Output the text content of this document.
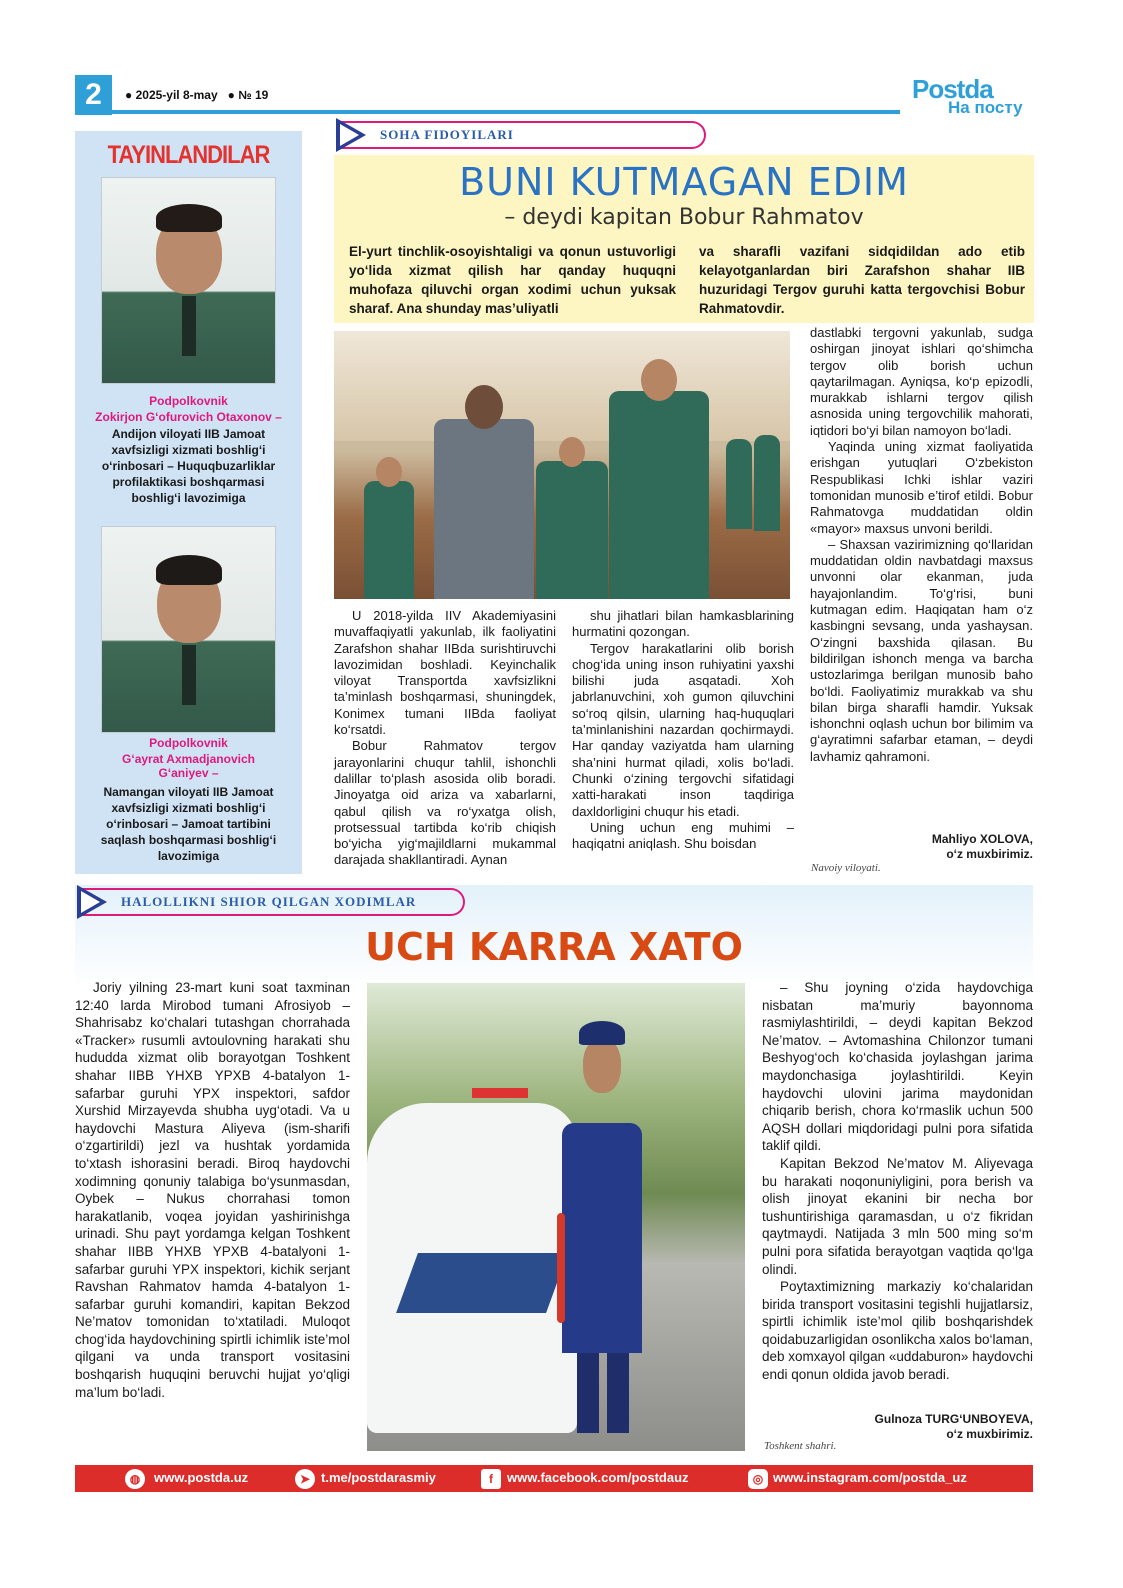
2	● 2025-yil 8-may ● № 19	Postda
На посту
TAYINLANDILAR
Podpolkovnik
Zokirjon G‘ofurovich Otaxonov –
Andijon viloyati IIB Jamoat xavfsizligi xizmati boshlig‘i o‘rinbosari – Huquqbuzarliklar profilaktikasi boshqarmasi boshlig‘i lavozimiga
Podpolkovnik
G‘ayrat Axmadjanovich G‘aniyev –
Namangan viloyati IIB Jamoat xavfsizligi xizmati boshlig‘i o‘rinbosari – Jamoat tartibini saqlash boshqarmasi boshlig‘i lavozimiga
SOHA FIDOYILARI
BUNI KUTMAGAN EDIM
– deydi kapitan Bobur Rahmatov
El-yurt tinchlik-osoyishtaligi va qonun ustuvorligi yo‘lida xizmat qilish har qanday huquqni muhofaza qiluvchi organ xodimi uchun yuksak sharaf. Ana shunday mas’uliyatli
va sharafli vazifani sidqidildan ado etib kelayotganlardan biri Zarafshon shahar IIB huzuridagi Tergov guruhi katta tergovchisi Bobur Rahmatovdir.

U 2018-yilda IIV Akademiyasini muvaffaqiyatli yakunlab, ilk faoliyatini Zarafshon shahar IIBda surishtiruvchi lavozimidan boshladi. Keyinchalik viloyat Transportda xavfsizlikni ta’minlash boshqarmasi, shuningdek, Konimex tumani IIBda faoliyat ko‘rsatdi.

Bobur Rahmatov tergov jarayonlarini chuqur tahlil, ishonchli dalillar to‘plash asosida olib boradi. Jinoyatga oid ariza va xabarlarni, qabul qilish va ro‘yxatga olish, protsessual tartibda ko‘rib chiqish bo‘yicha yig‘majildlarni mukammal darajada shakllantiradi. Aynan

shu jihatlari bilan hamkasblarining hurmatini qozongan.

Tergov harakatlarini olib borish chog‘ida uning inson ruhiyatini yaxshi bilishi juda asqatadi. Xoh jabrlanuvchini, xoh gumon qiluvchini so‘roq qilsin, ularning haq-huquqlari ta’minlanishini nazardan qochirmaydi. Har qanday vaziyatda ham ularning sha’nini hurmat qiladi, xolis bo‘ladi. Chunki o‘zining tergovchi sifatidagi xatti-harakati inson taqdiriga daxldorligini chuqur his etadi.

Uning uchun eng muhimi – haqiqatni aniqlash. Shu boisdan

dastlabki tergovni yakunlab, sudga oshirgan jinoyat ishlari qo‘shimcha tergov olib borish uchun qaytarilmagan. Ayniqsa, ko‘p epizodli, murakkab ishlarni tergov qilish asnosida uning tergovchilik mahorati, iqtidori bo‘yi bilan namoyon bo‘ladi.

Yaqinda uning xizmat faoliyatida erishgan yutuqlari O‘zbekiston Respublikasi Ichki ishlar vaziri tomonidan munosib e’tirof etildi. Bobur Rahmatovga muddatidan oldin «mayor» maxsus unvoni berildi.

– Shaxsan vazirimizning qo‘llaridan muddatidan oldin navbatdagi maxsus unvonni olar ekanman, juda hayajonlandim. To‘g‘risi, buni kutmagan edim. Haqiqatan ham o‘z kasbingni sevsang, unda yashaysan. O‘zingni baxshida qilasan. Bu bildirilgan ishonch menga va barcha ustozlarimga berilgan munosib baho bo‘ldi. Faoliyatimiz murakkab va shu bilan birga sharafli hamdir. Yuksak ishonchni oqlash uchun bor bilimim va g‘ayratimni safarbar etaman, – deydi lavhamiz qahramoni.

Mahliyo XOLOVA,
o‘z muxbirimiz.
Navoiy viloyati.
HALOLLIKNI SHIOR QILGAN XODIMLAR
UCH KARRA XATO

Joriy yilning 23-mart kuni soat taxminan 12:40 larda Mirobod tumani Afrosiyob – Shahrisabz ko‘chalari tutashgan chorrahada «Tracker» rusumli avtoulovning harakati shu hududda xizmat olib borayotgan Toshkent shahar IIBB YHXB YPXB 4-batalyon 1-safarbar guruhi YPX inspektori, safdor Xurshid Mirzayevda shubha uyg‘otadi. Va u haydovchi Mastura Aliyeva (ism-sharifi o‘zgartirildi) jezl va hushtak yordamida to‘xtash ishorasini beradi. Biroq haydovchi xodimning qonuniy talabiga bo‘ysunmasdan, Oybek – Nukus chorrahasi tomon harakatlanib, voqea joyidan yashirinishga urinadi. Shu payt yordamga kelgan Toshkent shahar IIBB YHXB YPXB 4-batalyoni 1-safarbar guruhi YPX inspektori, kichik serjant Ravshan Rahmatov hamda 4-batalyon 1-safarbar guruhi komandiri, kapitan Bekzod Ne’matov tomonidan to‘xtatiladi. Muloqot chog‘ida haydovchining spirtli ichimlik iste’mol qilgani va unda transport vositasini boshqarish huquqini beruvchi hujjat yo‘qligi ma’lum bo‘ladi.

– Shu joyning o‘zida haydovchiga nisbatan ma’muriy bayonnoma rasmiylashtirildi, – deydi kapitan Bekzod Ne’matov. – Avtomashina Chilonzor tumani Beshyog‘och ko‘chasida joylashgan jarima maydonchasiga joylashtirildi. Keyin haydovchi ulovini jarima maydonidan chiqarib berish, chora ko‘rmaslik uchun 500 AQSH dollari miqdoridagi pulni pora sifatida taklif qildi.

Kapitan Bekzod Ne’matov M. Aliyevaga bu harakati noqonuniyligini, pora berish va olish jinoyat ekanini bir necha bor tushuntirishiga qaramasdan, u o‘z fikridan qaytmaydi. Natijada 3 mln 500 ming so‘m pulni pora sifatida berayotgan vaqtida qo‘lga olindi.

Poytaxtimizning markaziy ko‘chalaridan birida transport vositasini tegishli hujjatlarsiz, spirtli ichimlik iste’mol qilib boshqarishdek qoidabuzarligidan osonlikcha xalos bo‘laman, deb xomxayol qilgan «uddaburon» haydovchi endi qonun oldida javob beradi.

Gulnoza TURG‘UNBOYEVA,
o‘z muxbirimiz.
Toshkent shahri.
◍	www.postda.uz	➤ t.me/postdarasmiy	f	www.facebook.com/postdauz	◎ www.instagram.com/postda_uz
